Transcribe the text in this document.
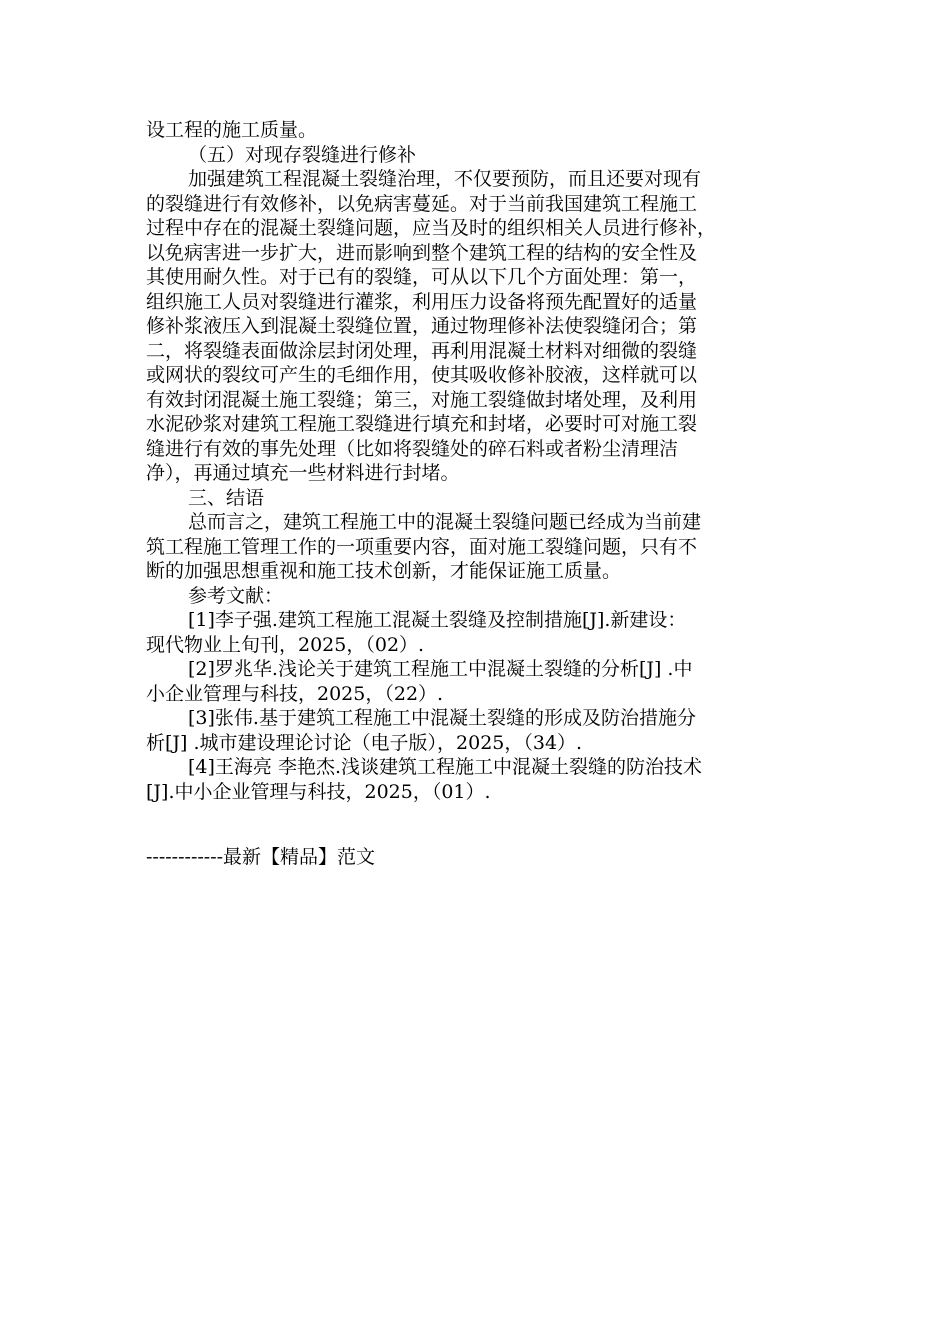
设工程的施工质量。
（五）对现存裂缝进行修补
加强建筑工程混凝土裂缝治理，不仅要预防，而且还要对现有
的裂缝进行有效修补，以免病害蔓延。对于当前我国建筑工程施工
过程中存在的混凝土裂缝问题，应当及时的组织相关人员进行修补，
以免病害进一步扩大，进而影响到整个建筑工程的结构的安全性及
其使用耐久性。对于已有的裂缝，可从以下几个方面处理：第一，
组织施工人员对裂缝进行灌浆，利用压力设备将预先配置好的适量
修补浆液压入到混凝土裂缝位置，通过物理修补法使裂缝闭合；第
二，将裂缝表面做涂层封闭处理，再利用混凝土材料对细微的裂缝
或网状的裂纹可产生的毛细作用，使其吸收修补胶液，这样就可以
有效封闭混凝土施工裂缝；第三，对施工裂缝做封堵处理，及利用
水泥砂浆对建筑工程施工裂缝进行填充和封堵，必要时可对施工裂
缝进行有效的事先处理（比如将裂缝处的碎石料或者粉尘清理洁
净），再通过填充一些材料进行封堵。
三、结语
总而言之，建筑工程施工中的混凝土裂缝问题已经成为当前建
筑工程施工管理工作的一项重要内容，面对施工裂缝问题，只有不
断的加强思想重视和施工技术创新，才能保证施工质量。
参考文献：
[1]李子强.建筑工程施工混凝土裂缝及控制措施[J].新建设：
现代物业上旬刊，2025，（02）.
[2]罗兆华.浅论关于建筑工程施工中混凝土裂缝的分析[J] .中
小企业管理与科技，2025，（22）.
[3]张伟.基于建筑工程施工中混凝土裂缝的形成及防治措施分
析[J] .城市建设理论讨论（电子版），2025，（34）.
[4]王海亮 李艳杰.浅谈建筑工程施工中混凝土裂缝的防治技术
[J].中小企业管理与科技，2025，（01）.
------------最新【精品】范文
